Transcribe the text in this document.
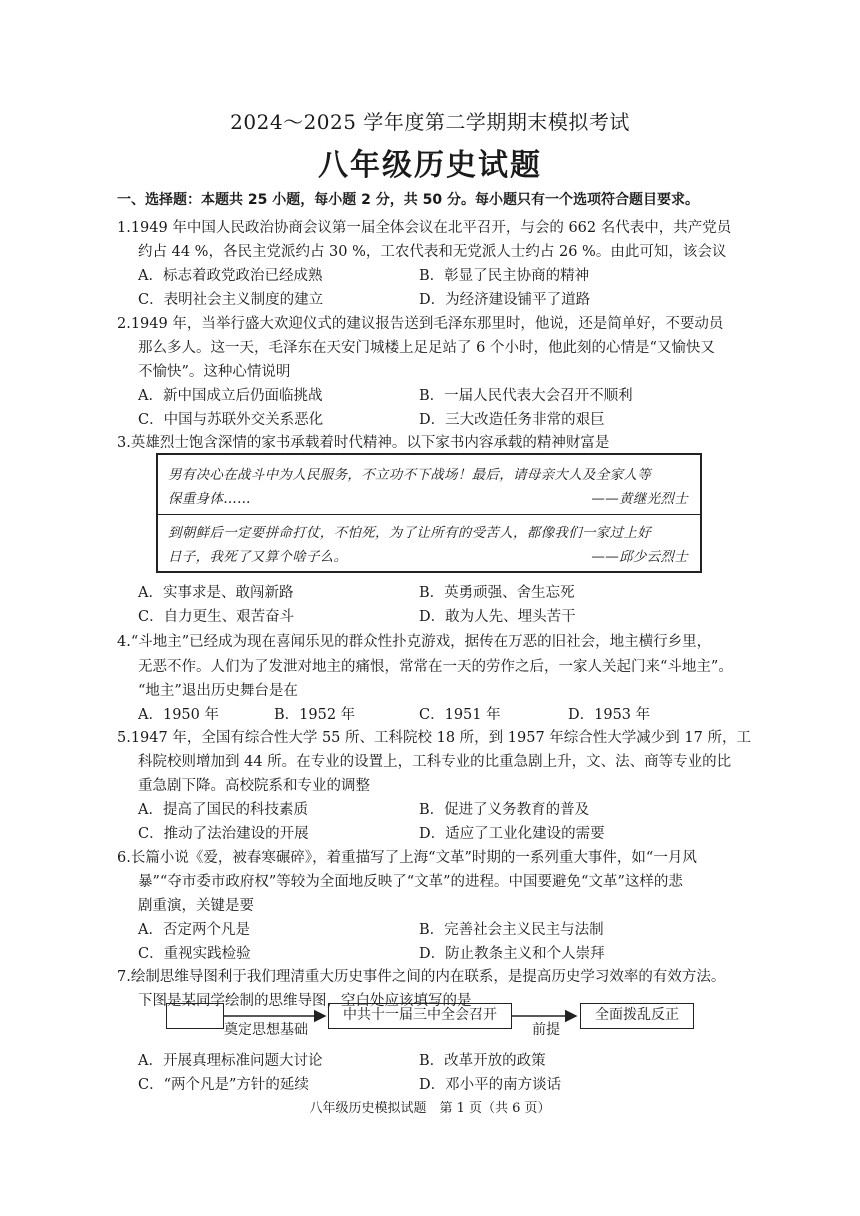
2024～2025 学年度第二学期期末模拟考试
八年级历史试题
一、选择题：本题共 25 小题，每小题 2 分，共 50 分。每小题只有一个选项符合题目要求。
1.1949 年中国人民政治协商会议第一届全体会议在北平召开，与会的 662 名代表中，共产党员
约占 44 %，各民主党派约占 30 %，工农代表和无党派人士约占 26 %。由此可知，该会议
A．标志着政党政治已经成熟	B．彰显了民主协商的精神
C．表明社会主义制度的建立	D．为经济建设铺平了道路
2.1949 年，当举行盛大欢迎仪式的建议报告送到毛泽东那里时，他说，还是简单好，不要动员
那么多人。这一天，毛泽东在天安门城楼上足足站了 6 个小时，他此刻的心情是“又愉快又
不愉快”。这种心情说明
A．新中国成立后仍面临挑战	B．一届人民代表大会召开不顺利
C．中国与苏联外交关系恶化	D．三大改造任务非常的艰巨
3.英雄烈士饱含深情的家书承载着时代精神。以下家书内容承载的精神财富是
男有决心在战斗中为人民服务，不立功不下战场！最后，请母亲大人及全家人等
保重身体……	——黄继光烈士
到朝鲜后一定要拼命打仗，不怕死，为了让所有的受苦人，都像我们一家过上好
日子，我死了又算个啥子么。	——邱少云烈士
A．实事求是、敢闯新路	B．英勇顽强、舍生忘死
C．自力更生、艰苦奋斗	D．敢为人先、埋头苦干
4.“斗地主”已经成为现在喜闻乐见的群众性扑克游戏，据传在万恶的旧社会，地主横行乡里，
无恶不作。人们为了发泄对地主的痛恨，常常在一天的劳作之后，一家人关起门来“斗地主”。
“地主”退出历史舞台是在
A．1950 年	B．1952 年	C．1951 年	D．1953 年
5.1947 年，全国有综合性大学 55 所、工科院校 18 所，到 1957 年综合性大学减少到 17 所，工
科院校则增加到 44 所。在专业的设置上，工科专业的比重急剧上升，文、法、商等专业的比
重急剧下降。高校院系和专业的调整
A．提高了国民的科技素质	B．促进了义务教育的普及
C．推动了法治建设的开展	D．适应了工业化建设的需要
6.长篇小说《爱，被春寒碾碎》，着重描写了上海“文革”时期的一系列重大事件，如“一月风
暴”“夺市委市政府权”等较为全面地反映了“文革”的进程。中国要避免“文革”这样的悲
剧重演，关键是要
A．否定两个凡是	B．完善社会主义民主与法制
C．重视实践检验	D．防止教条主义和个人崇拜
7.绘制思维导图利于我们理清重大历史事件之间的内在联系，是提高历史学习效率的有效方法。
下图是某同学绘制的思维导图，空白处应该填写的是
奠定思想基础
中共十一届三中全会召开
前提
全面拨乱反正
A．开展真理标准问题大讨论	B．改革开放的政策
C．“两个凡是”方针的延续	D．邓小平的南方谈话
八年级历史模拟试题　第 1 页（共 6 页）
